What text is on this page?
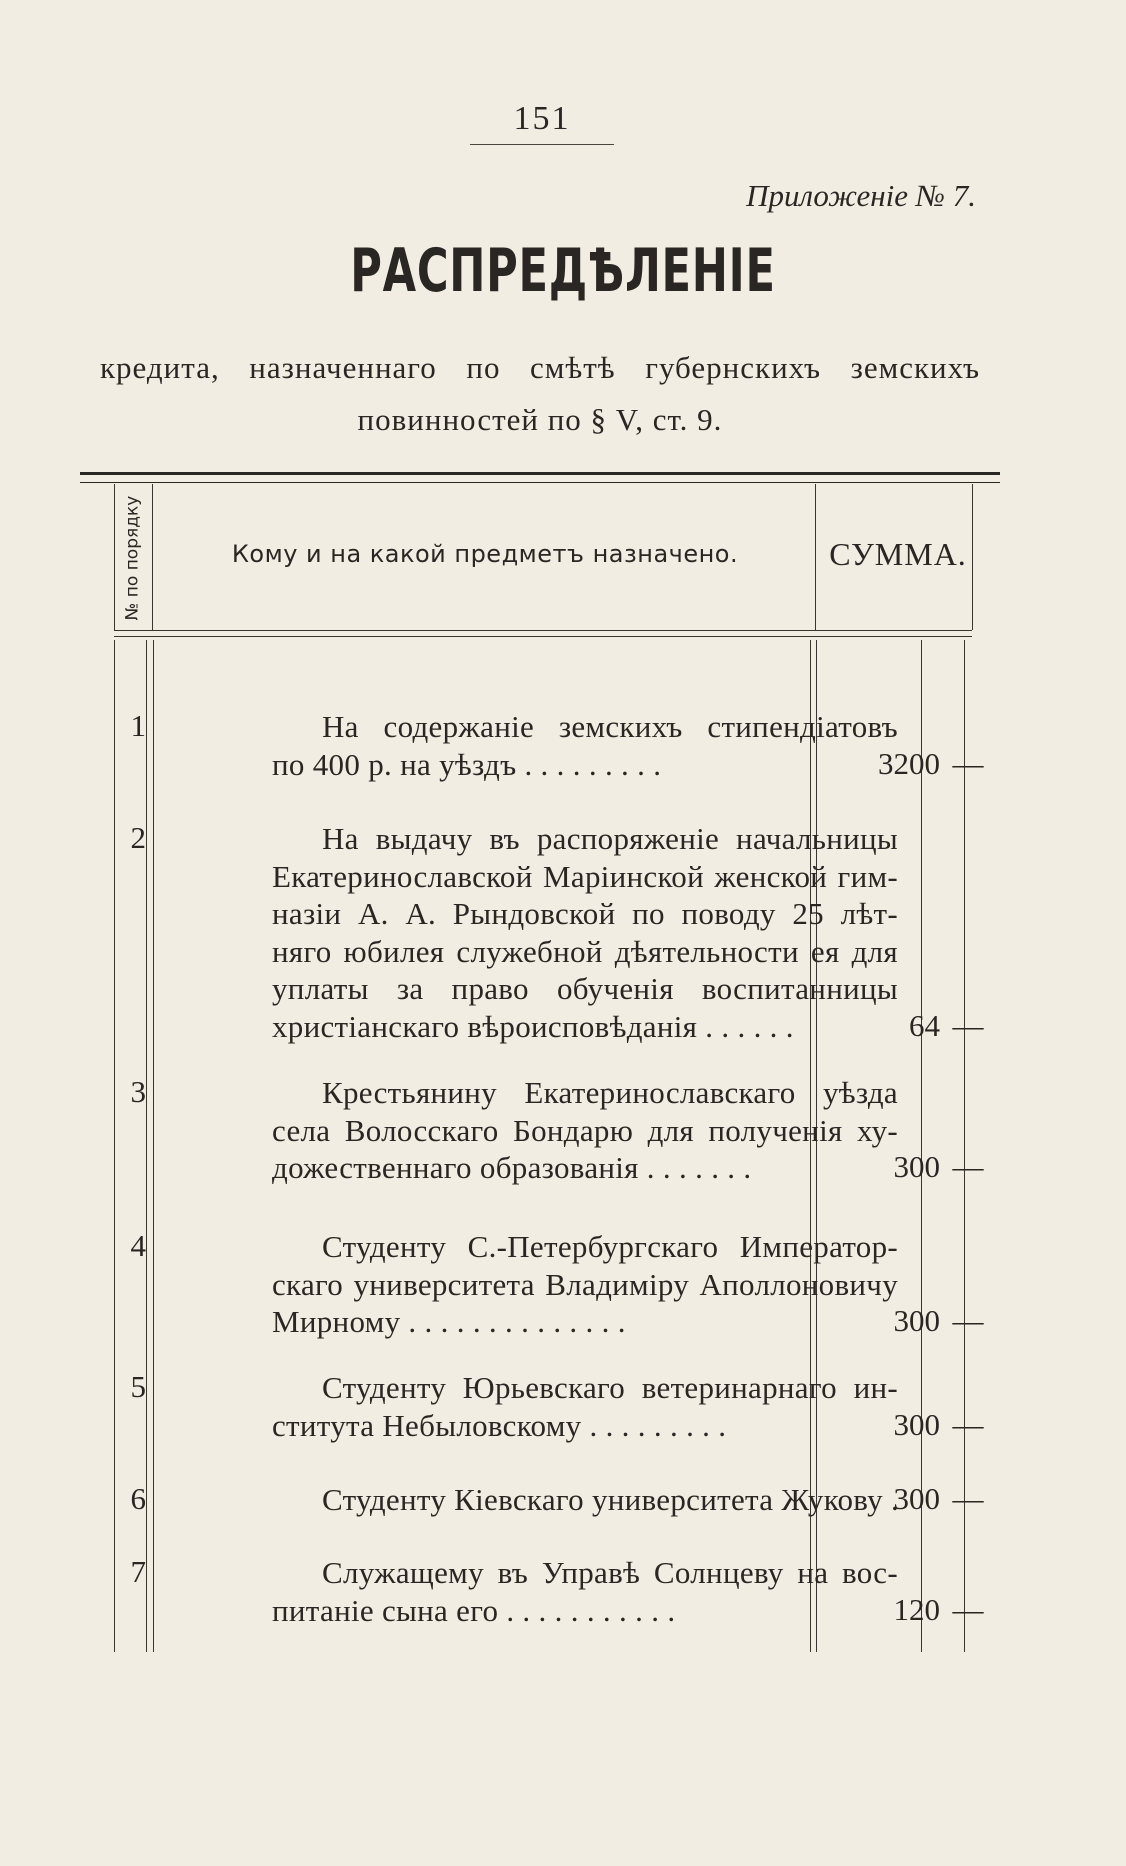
151
Приложеніе № 7.
РАСПРЕДѢЛЕНІЕ
кредита, назначеннаго по смѣтѣ губернскихъ земскихъ
повинностей по § V, ст. 9.
№ по порядку	Кому и на какой предметъ назначено.	СУММА.
1	На содержаніе земскихъ стипендіатовъ
по 400 р. на уѣздъ . . . . . . . . .	3200 —
2	На выдачу въ распоряженіе начальницы
Екатеринославской Маріинской женской гим-
назіи А. А. Рындовской по поводу 25 лѣт-
няго юбилея служебной дѣятельности ея для
уплаты за право обученія воспитанницы
христіанскаго вѣроисповѣданія . . . . . .	64 —
3	Крестьянину Екатеринославскаго уѣзда
села Волосскаго Бондарю для полученія ху-
дожественнаго образованія . . . . . . .	300 —
4	Студенту С.-Петербургскаго Император-
скаго университета Владиміру Аполлоновичу
Мирному . . . . . . . . . . . . . .	300 —
5	Студенту Юрьевскаго ветеринарнаго ин-
ститута Небыловскому . . . . . . . . .	300 —
6	Студенту Кіевскаго университета Жукову .
300 —
7	Служащему въ Управѣ Солнцеву на вос-
питаніе сына его . . . . . . . . . . .	120 —
